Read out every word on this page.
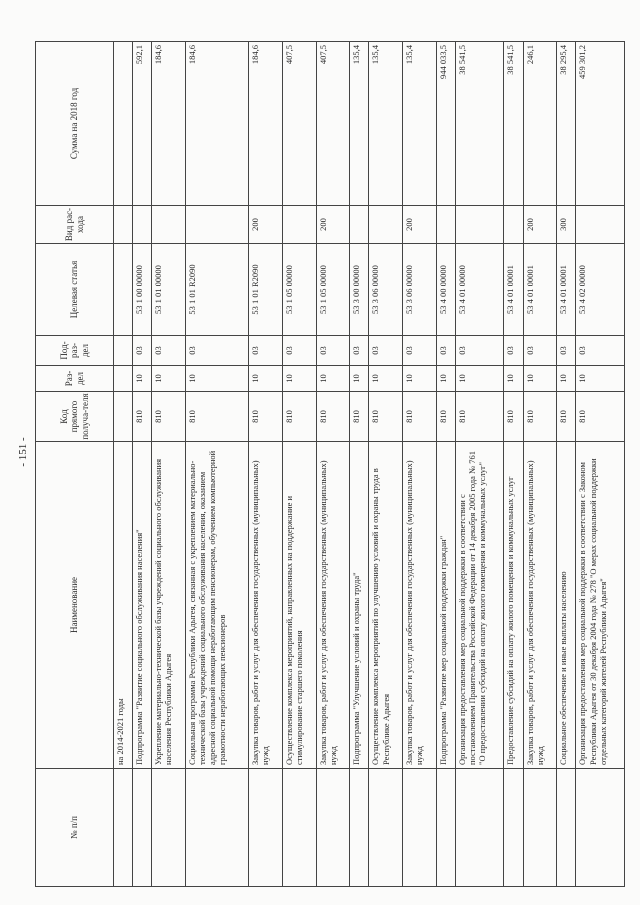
- 151 -
№ п/п	Наименование	Код прямого получа-теля	Раз-дел	Под-раз-дел	Целевая статья	Вид рас-хода	Сумма на 2018 год
	на 2014-2021 годы						
	Подпрограмма "Развитие социального обслуживания населения"	810	10	03	53 1 00 00000		592,1
	Укрепление материально-технической базы учреждений социального обслуживания населения Республики Адыгея	810	10	03	53 1 01 00000		184,6
	Социальная программа Республики Адыгея, связанная с укреплением материально-технической базы учреждений социального обслуживания населения, оказанием адресной социальной помощи неработающим пенсионерам, обучением компьютерной грамотности неработающих пенсионеров	810	10	03	53 1 01 R2090		184,6
	Закупка товаров, работ и услуг для обеспечения государственных (муниципальных) нужд	810	10	03	53 1 01 R2090	200	184,6
	Осуществление комплекса мероприятий, направленных на поддержание и стимулирование старшего поколения	810	10	03	53 1 05 00000		407,5
	Закупка товаров, работ и услуг для обеспечения государственных (муниципальных) нужд	810	10	03	53 1 05 00000	200	407,5
	Подпрограмма "Улучшение условий и охраны труда"	810	10	03	53 3 00 00000		135,4
	Осуществление комплекса мероприятий по улучшению условий и охраны труда в Республике Адыгея	810	10	03	53 3 06 00000		135,4
	Закупка товаров, работ и услуг для обеспечения государственных (муниципальных) нужд	810	10	03	53 3 06 00000	200	135,4
	Подпрограмма "Развитие мер социальной поддержки граждан"	810	10	03	53 4 00 00000		944 033,5
	Организация предоставления мер социальной поддержки в соответствии с постановлением Правительства Российской Федерации от 14 декабря 2005 года № 761 "О предоставлении субсидий на оплату жилого помещения и коммунальных услуг"	810	10	03	53 4 01 00000		38 541,5
	Предоставление субсидий на оплату жилого помещения и коммунальных услуг	810	10	03	53 4 01 00001		38 541,5
	Закупка товаров, работ и услуг для обеспечения государственных (муниципальных) нужд	810	10	03	53 4 01 00001	200	246,1
	Социальное обеспечение и иные выплаты населению	810	10	03	53 4 01 00001	300	38 295,4
	Организация предоставления мер социальной поддержки в соответствии с Законом Республики Адыгея от 30 декабря 2004 года № 278 "О мерах социальной поддержки отдельных категорий жителей Республики Адыгея"	810	10	03	53 4 02 00000		459 301,2
